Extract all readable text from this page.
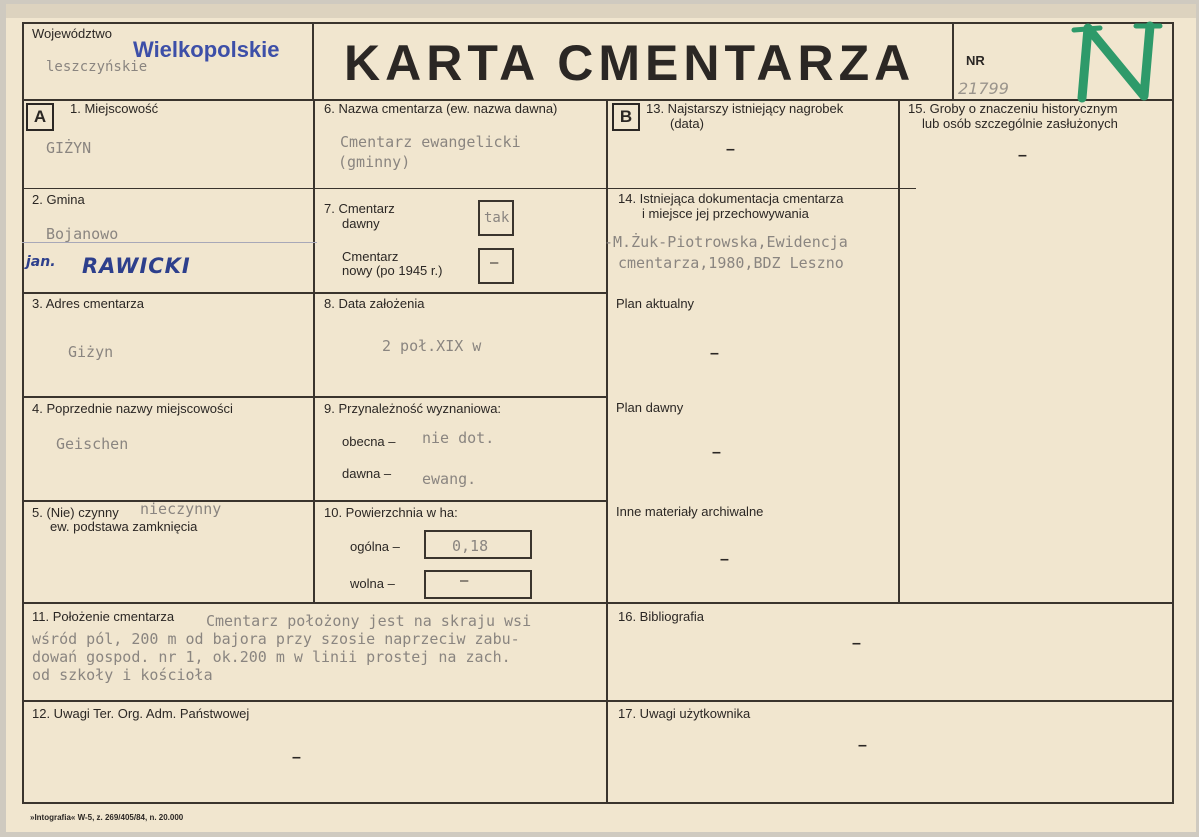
Województwo
Wielkopolskie
leszczyńskie	KARTA CMENTARZA	NR
21799
A	1. Miejscowość
GIŻYN
2. Gmina
Bojanowo
jan. RAWICKI
3. Adres cmentarza
Giżyn
4. Poprzednie nazwy miejscowości
Geischen
5. (Nie) czynny nieczynny
ew. podstawa zamknięcia
6. Nazwa cmentarza (ew. nazwa dawna)
Cmentarz ewangelicki
(gminny)
7. Cmentarz
dawny	tak
Cmentarz
nowy (po 1945 r.)	–
8. Data założenia
2 poł.XIX w
9. Przynależność wyznaniowa:
obecna – nie dot.
dawna – ewang.
10. Powierzchnia w ha:
ogólna –	0,18
wolna –	–
B	13. Najstarszy istniejący nagrobek
(data)
–
14. Istniejąca dokumentacja cmentarza
i miejsce jej przechowywania
-M.Żuk-Piotrowska,Ewidencja
cmentarza,1980,BDZ Leszno
Plan aktualny
–
Plan dawny
–
Inne materiały archiwalne
–
15. Groby o znaczeniu historycznym
lub osób szczególnie zasłużonych
–
11. Położenie cmentarza Cmentarz położony jest na skraju wsi
wśród pól, 200 m od bajora przy szosie naprzeciw zabu-
dowań gospod. nr 1, ok.200 m w linii prostej na zach.
od szkoły i kościoła
16. Bibliografia
–
12. Uwagi Ter. Org. Adm. Państwowej
–
17. Uwagi użytkownika
–
»Intografia« W-5, z. 269/405/84, n. 20.000
